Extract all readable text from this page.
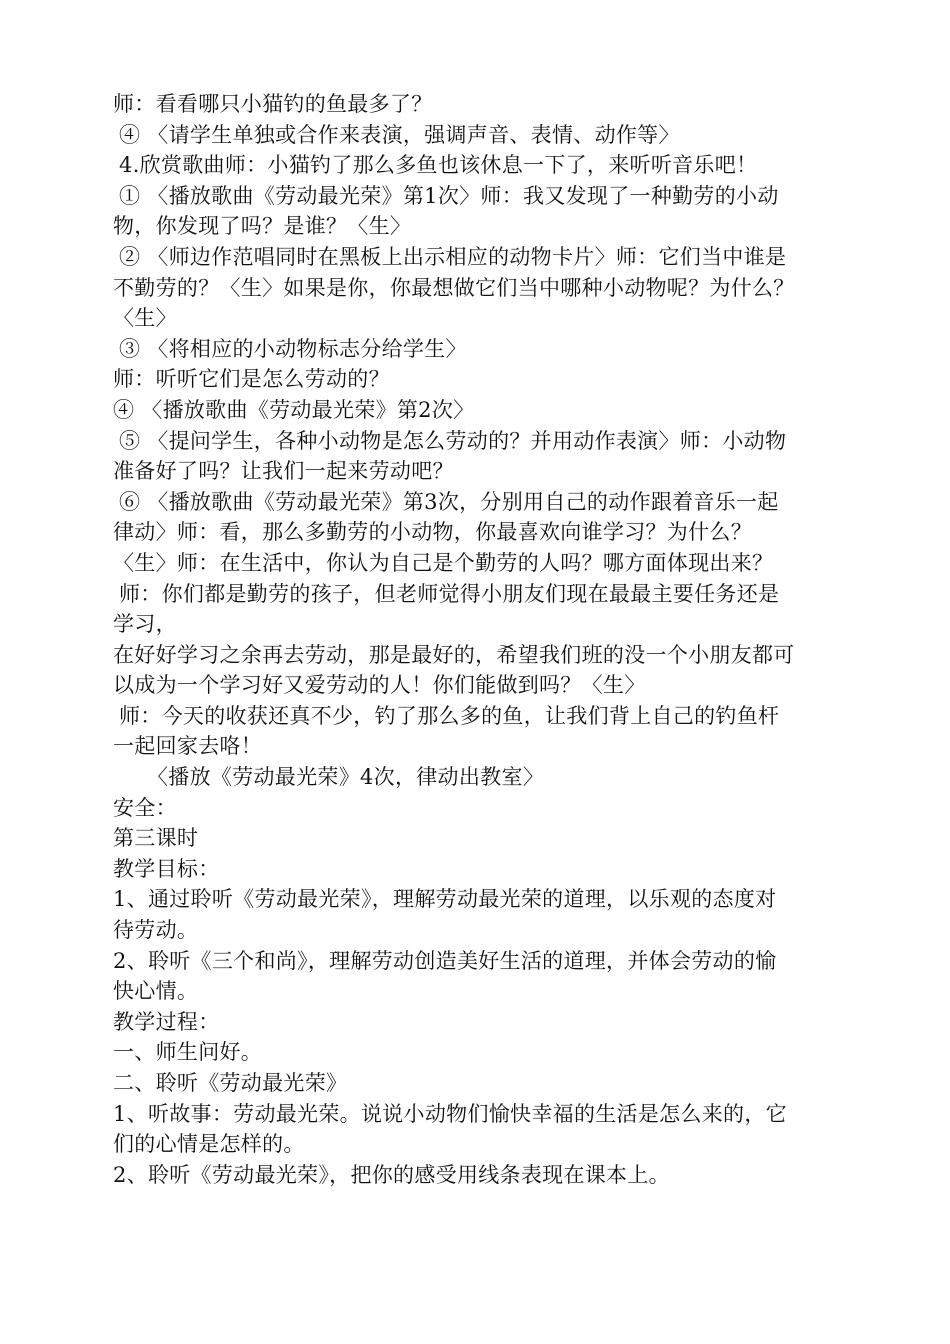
师：看看哪只小猫钓的鱼最多了？
④ 〈请学生单独或合作来表演，强调声音、表情、动作等〉
4.欣赏歌曲师：小猫钓了那么多鱼也该休息一下了，来听听音乐吧！
① 〈播放歌曲《劳动最光荣》第1次〉师：我又发现了一种勤劳的小动
物，你发现了吗？是谁？〈生〉
② 〈师边作范唱同时在黑板上出示相应的动物卡片〉师：它们当中谁是
不勤劳的？〈生〉如果是你，你最想做它们当中哪种小动物呢？为什么？
〈生〉
③ 〈将相应的小动物标志分给学生〉
师：听听它们是怎么劳动的？
④ 〈播放歌曲《劳动最光荣》第2次〉
⑤ 〈提问学生，各种小动物是怎么劳动的？并用动作表演〉师：小动物
准备好了吗？让我们一起来劳动吧？
⑥ 〈播放歌曲《劳动最光荣》第3次，分别用自己的动作跟着音乐一起
律动〉师：看，那么多勤劳的小动物，你最喜欢向谁学习？为什么？
〈生〉师：在生活中，你认为自己是个勤劳的人吗？哪方面体现出来？
师：你们都是勤劳的孩子，但老师觉得小朋友们现在最最主要任务还是
学习，
在好好学习之余再去劳动，那是最好的，希望我们班的没一个小朋友都可
以成为一个学习好又爱劳动的人！你们能做到吗？〈生〉
师：今天的收获还真不少，钓了那么多的鱼，让我们背上自己的钓鱼杆
一起回家去咯！
〈播放《劳动最光荣》4次，律动出教室〉
安全：
第三课时
教学目标：
1、通过聆听《劳动最光荣》，理解劳动最光荣的道理，以乐观的态度对
待劳动。
2、聆听《三个和尚》，理解劳动创造美好生活的道理，并体会劳动的愉
快心情。
教学过程：
一、师生问好。
二、聆听《劳动最光荣》
1、听故事：劳动最光荣。说说小动物们愉快幸福的生活是怎么来的，它
们的心情是怎样的。
2、聆听《劳动最光荣》，把你的感受用线条表现在课本上。
